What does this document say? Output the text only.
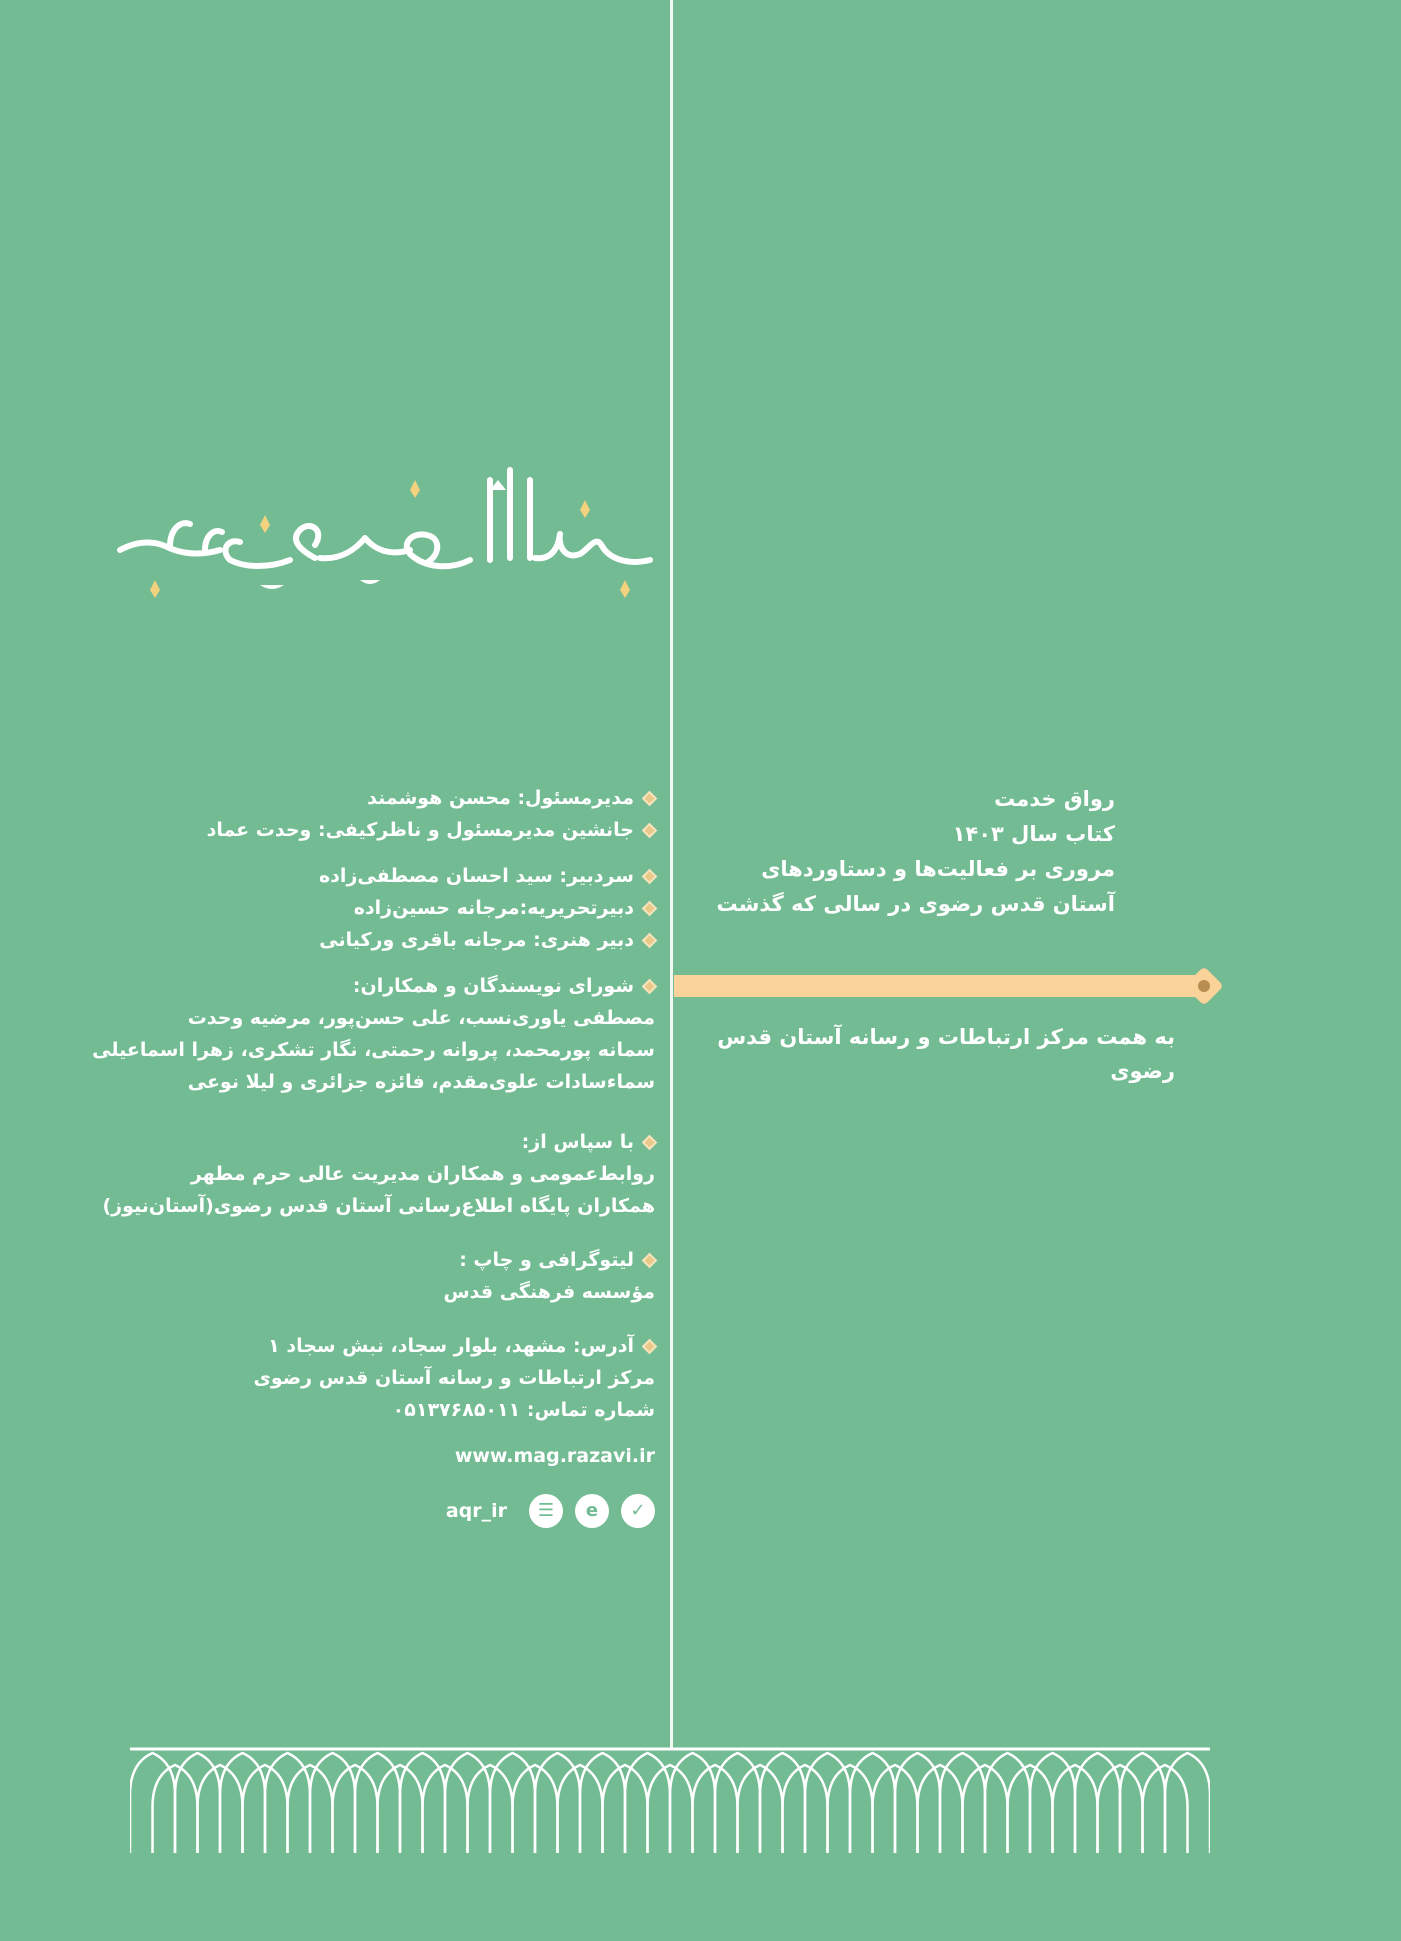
مدیرمسئول: محسن هوشمند
جانشین مدیرمسئول و ناظرکیفی: وحدت عماد
سردبیر: سید احسان مصطفی‌زاده
دبیرتحریریه:مرجانه حسین‌زاده
دبیر هنری: مرجانه باقری ورکیانی
شورای نویسندگان و همکاران:
مصطفی یاوری‌نسب، علی حسن‌پور، مرضیه وحدت
سمانه پورمحمد، پروانه رحمتی، نگار تشکری، زهرا اسماعیلی
سماء‌سادات علوی‌مقدم، فائزه جزائری و لیلا نوعی
با سپاس از:
روابط‌عمومی و همکاران مدیریت عالی حرم مطهر
همکاران پایگاه اطلاع‌رسانی آستان قدس رضوی(آستان‌نیوز)
لیتوگرافی و چاپ :
مؤسسه فرهنگی قدس
آدرس: مشهد، بلوار سجاد، نبش سجاد ۱
مرکز ارتباطات و رسانه آستان قدس رضوی
شماره تماس: ۰۵۱۳۷۶۸۵۰۱۱
www.mag.razavi.ir
aqr_ir	☰	e	✓
رواق خدمت
کتاب سال ۱۴۰۳
مروری بر فعالیت‌ها و دستاوردهای
آستان قدس رضوی در سالی که گذشت
به همت مرکز ارتباطات و رسانه آستان قدس رضوی
